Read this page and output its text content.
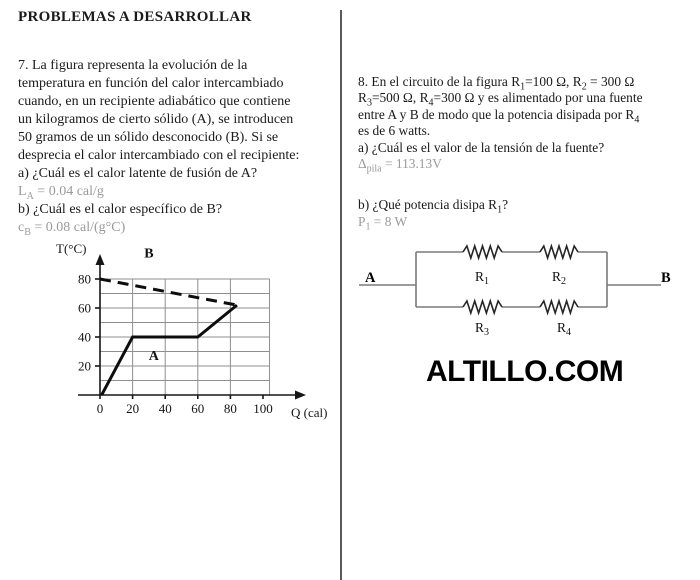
PROBLEMAS A DESARROLLAR
7. La figura representa la evolución de la
temperatura en función del calor intercambiado
cuando, en un recipiente adiabático que contiene
un kilogramos de cierto sólido (A), se introducen
50 gramos de un sólido desconocido (B). Si se
desprecia el calor intercambiado con el recipiente:
a) ¿Cuál es el calor latente de fusión de A?
$L_A = 0.04$ cal/g
b) ¿Cuál es el calor específico de B?
$c_B = 0.08$ cal/(g°C)
8. En el circuito de la figura $R_1=100$ Ω, $R_2 = 300$ Ω
$R_3=500$ Ω, $R_4=300$ Ω y es alimentado por una fuente
entre A y B de modo que la potencia disipada por $R_4$
es de 6 watts.
a) ¿Cuál es el valor de la tensión de la fuente?
$\Delta_{pila} = 113.13V$
b) ¿Qué potencia disipa $R_1$?
$P_1 = 8$ W
0 20 40 60 80 100
20
40
60
80
T(°C)
Q (cal)
B
A
$R_1$	$R_2$
$R_3$	$R_4$
A	B
ALTILLO.COM
